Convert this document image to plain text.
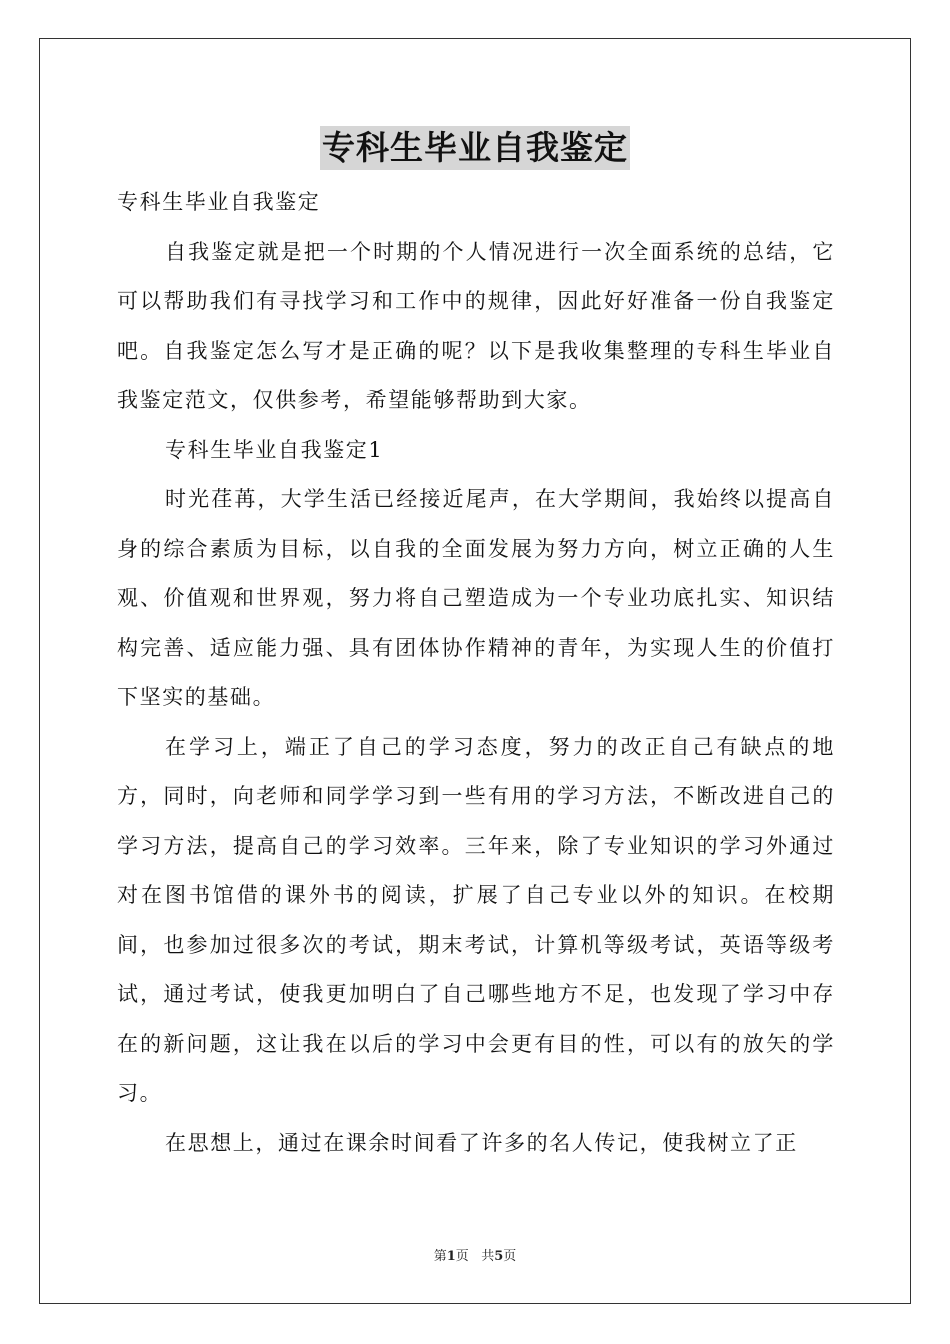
专科生毕业自我鉴定

专科生毕业自我鉴定

自我鉴定就是把一个时期的个人情况进行一次全面系统的总结，它可以帮助我们有寻找学习和工作中的规律，因此好好准备一份自我鉴定吧。自我鉴定怎么写才是正确的呢？以下是我收集整理的专科生毕业自我鉴定范文，仅供参考，希望能够帮助到大家。

专科生毕业自我鉴定1

时光荏苒，大学生活已经接近尾声，在大学期间，我始终以提高自身的综合素质为目标，以自我的全面发展为努力方向，树立正确的人生观、价值观和世界观，努力将自己塑造成为一个专业功底扎实、知识结构完善、适应能力强、具有团体协作精神的青年，为实现人生的价值打下坚实的基础。

在学习上，端正了自己的学习态度，努力的改正自己有缺点的地方，同时，向老师和同学学习到一些有用的学习方法，不断改进自己的学习方法，提高自己的学习效率。三年来，除了专业知识的学习外通过对在图书馆借的课外书的阅读，扩展了自己专业以外的知识。在校期间，也参加过很多次的考试，期末考试，计算机等级考试，英语等级考试，通过考试，使我更加明白了自己哪些地方不足，也发现了学习中存在的新问题，这让我在以后的学习中会更有目的性，可以有的放矢的学习。

在思想上，通过在课余时间看了许多的名人传记，使我树立了正

第1页 共5页
